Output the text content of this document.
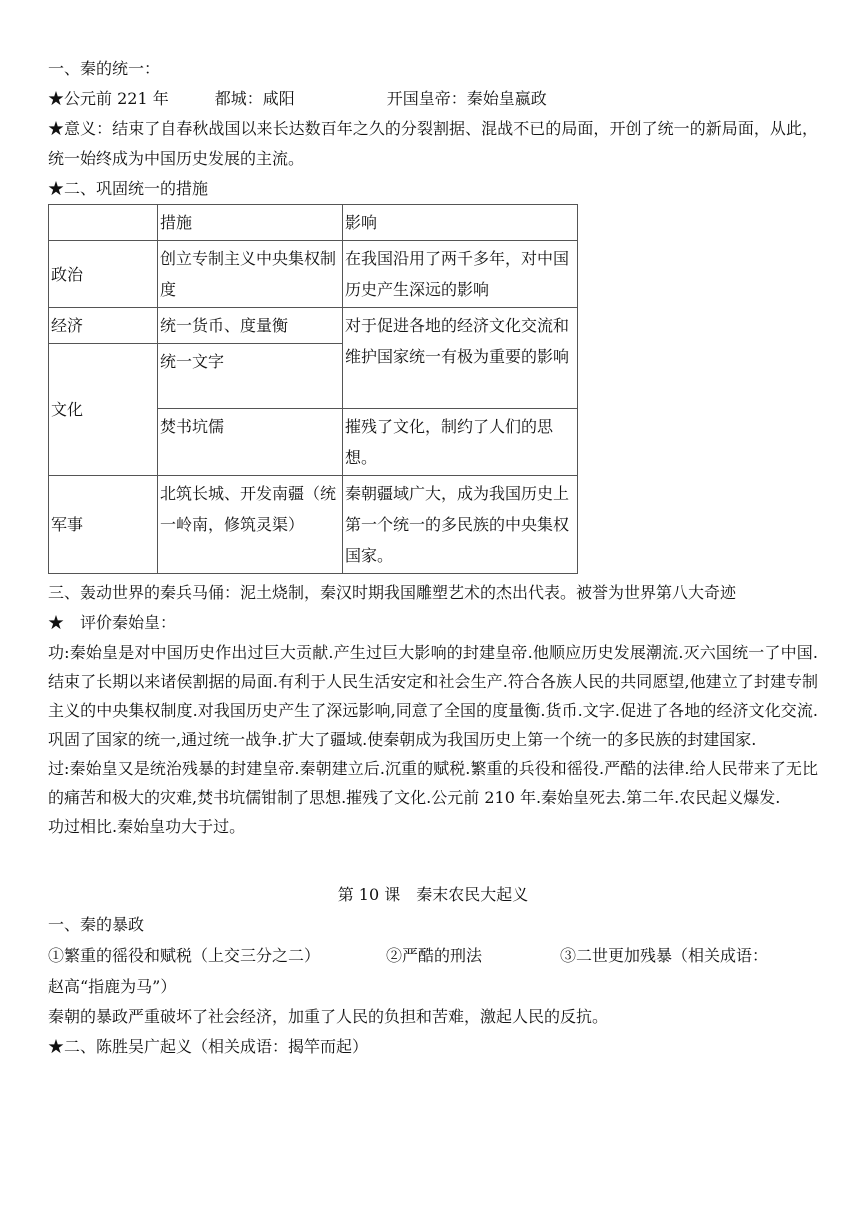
一、秦的统一：
★公元前 221 年	都城：咸阳	开国皇帝：秦始皇嬴政
★意义：结束了自春秋战国以来长达数百年之久的分裂割据、混战不已的局面，开创了统一的新局面，从此，统一始终成为中国历史发展的主流。
★二、巩固统一的措施
	措施	影响
政治	创立专制主义中央集权制度	在我国沿用了两千多年，对中国历史产生深远的影响
经济	统一货币、度量衡	对于促进各地的经济文化交流和维护国家统一有极为重要的影响
文化	统一文字	
	焚书坑儒	摧残了文化，制约了人们的思想。
军事	北筑长城、开发南疆（统一岭南，修筑灵渠）	秦朝疆域广大，成为我国历史上第一个统一的多民族的中央集权国家。
三、轰动世界的秦兵马俑：泥土烧制，秦汉时期我国雕塑艺术的杰出代表。被誉为世界第八大奇迹
★　评价秦始皇：
功:秦始皇是对中国历史作出过巨大贡献.产生过巨大影响的封建皇帝.他顺应历史发展潮流.灭六国统一了中国.结束了长期以来诸侯割据的局面.有利于人民生活安定和社会生产.符合各族人民的共同愿望,他建立了封建专制主义的中央集权制度.对我国历史产生了深远影响,同意了全国的度量衡.货币.文字.促进了各地的经济文化交流.巩固了国家的统一,通过统一战争.扩大了疆域.使秦朝成为我国历史上第一个统一的多民族的封建国家.
过:秦始皇又是统治残暴的封建皇帝.秦朝建立后.沉重的赋税.繁重的兵役和徭役.严酷的法律.给人民带来了无比的痛苦和极大的灾难,焚书坑儒钳制了思想.摧残了文化.公元前 210 年.秦始皇死去.第二年.农民起义爆发.
功过相比.秦始皇功大于过。
第 10 课　秦末农民大起义
一、秦的暴政
①繁重的徭役和赋税（上交三分之二）	②严酷的刑法	③二世更加残暴（相关成语：
赵高“指鹿为马”）
秦朝的暴政严重破坏了社会经济，加重了人民的负担和苦难，激起人民的反抗。
★二、陈胜吴广起义（相关成语：揭竿而起）
